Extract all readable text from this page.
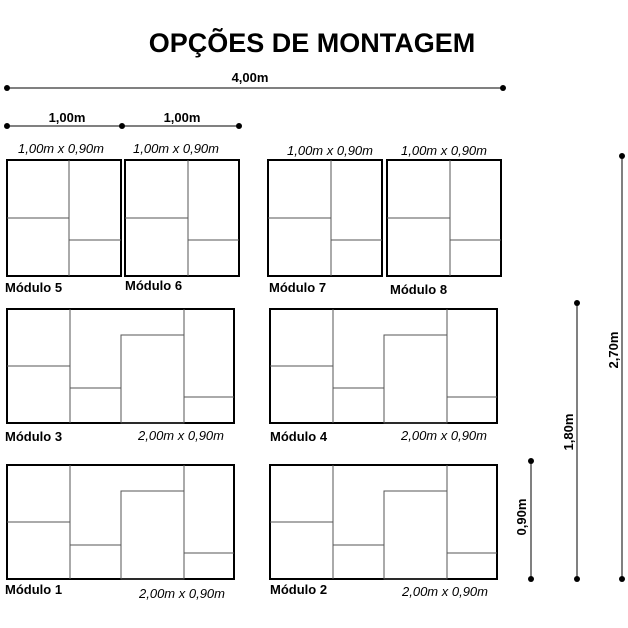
OPÇÕES DE MONTAGEM
4,00m
1,00m	1,00m
0,90m
1,80m
2,70m
1,00m x 0,90m
Módulo 5
1,00m x 0,90m
Módulo 6
1,00m x 0,90m
Módulo 7
1,00m x 0,90m
Módulo 8
Módulo 3	2,00m x 0,90m	Módulo 4	2,00m x 0,90m
Módulo 1	2,00m x 0,90m	Módulo 2	2,00m x 0,90m
